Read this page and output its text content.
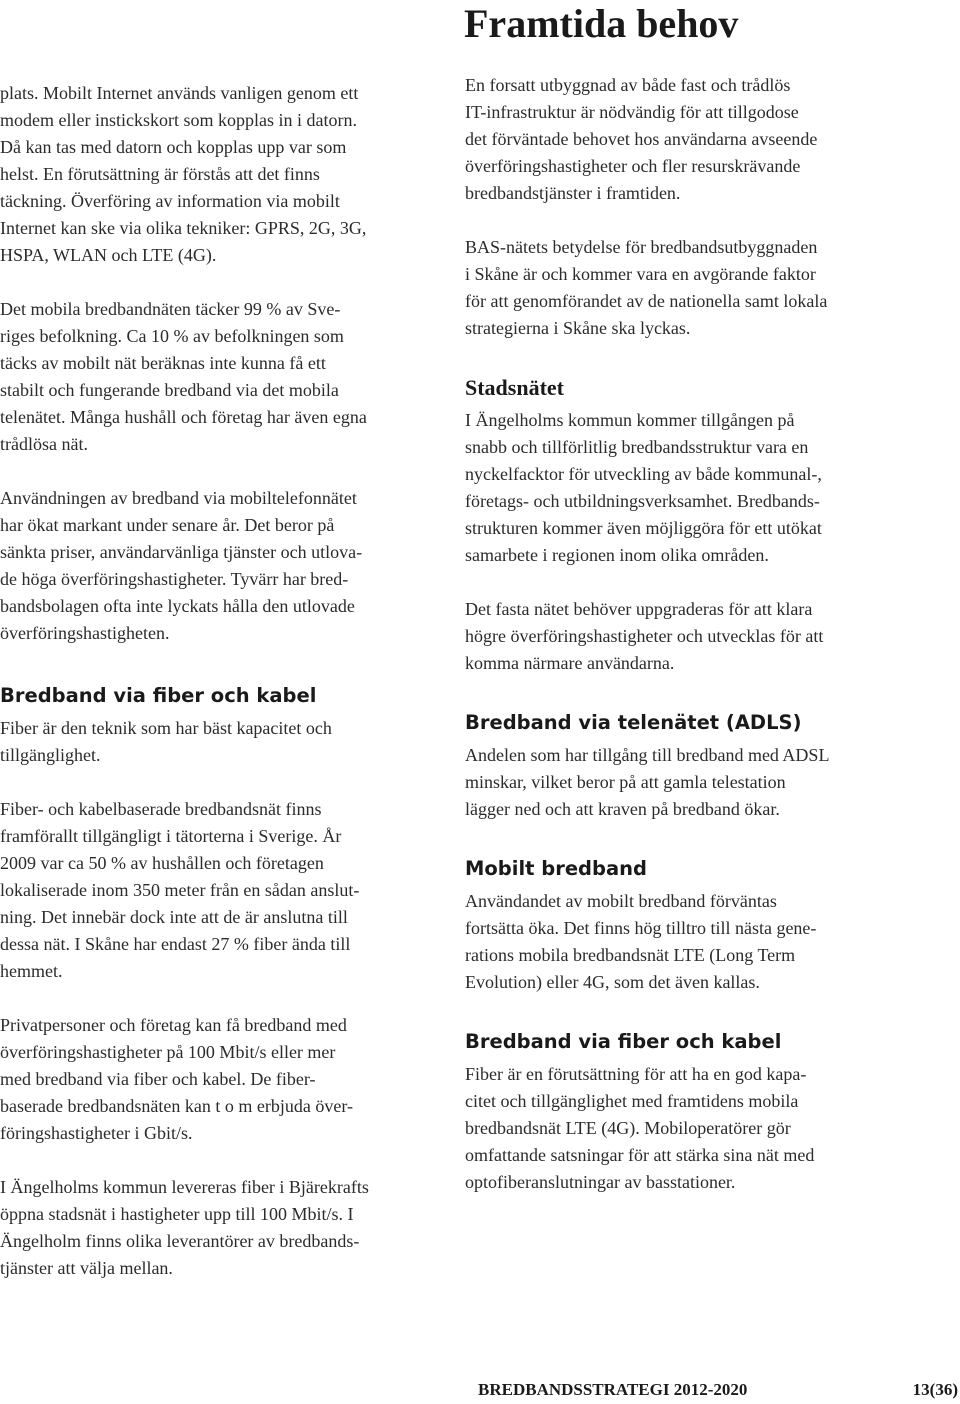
Framtida behov

plats. Mobilt Internet används vanligen genom ett
modem eller instickskort som kopplas in i datorn.
Då kan tas med datorn och kopplas upp var som
helst. En förutsättning är förstås att det finns
täckning. Överföring av information via mobilt
Internet kan ske via olika tekniker: GPRS, 2G, 3G,
HSPA, WLAN och LTE (4G).

Det mobila bredbandnäten täcker 99 % av Sve-
riges befolkning. Ca 10 % av befolkningen som
täcks av mobilt nät beräknas inte kunna få ett
stabilt och fungerande bredband via det mobila
telenätet. Många hushåll och företag har även egna
trådlösa nät.

Användningen av bredband via mobiltelefonnätet
har ökat markant under senare år. Det beror på
sänkta priser, användarvänliga tjänster och utlova-
de höga överföringshastigheter. Tyvärr har bred-
bandsbolagen ofta inte lyckats hålla den utlovade
överföringshastigheten.

Bredband via fiber och kabel

Fiber är den teknik som har bäst kapacitet och
tillgänglighet.

Fiber- och kabelbaserade bredbandsnät finns
framförallt tillgängligt i tätorterna i Sverige. År
2009 var ca 50 % av hushållen och företagen
lokaliserade inom 350 meter från en sådan anslut-
ning. Det innebär dock inte att de är anslutna till
dessa nät. I Skåne har endast 27 % fiber ända till
hemmet.

Privatpersoner och företag kan få bredband med
överföringshastigheter på 100 Mbit/s eller mer
med bredband via fiber och kabel. De fiber-
baserade bredbandsnäten kan t o m erbjuda över-
föringshastigheter i Gbit/s.

I Ängelholms kommun levereras fiber i Bjärekrafts
öppna stadsnät i hastigheter upp till 100 Mbit/s. I
Ängelholm finns olika leverantörer av bredbands-
tjänster att välja mellan.

En forsatt utbyggnad av både fast och trådlös
IT-infrastruktur är nödvändig för att tillgodose
det förväntade behovet hos användarna avseende
överföringshastigheter och fler resurskrävande
bredbandstjänster i framtiden.

BAS-nätets betydelse för bredbandsutbyggnaden
i Skåne är och kommer vara en avgörande faktor
för att genomförandet av de nationella samt lokala
strategierna i Skåne ska lyckas.

Stadsnätet

I Ängelholms kommun kommer tillgången på
snabb och tillförlitlig bredbandsstruktur vara en
nyckelfacktor för utveckling av både kommunal-,
företags- och utbildningsverksamhet. Bredbands-
strukturen kommer även möjliggöra för ett utökat
samarbete i regionen inom olika områden.

Det fasta nätet behöver uppgraderas för att klara
högre överföringshastigheter och utvecklas för att
komma närmare användarna.

Bredband via telenätet (ADLS)

Andelen som har tillgång till bredband med ADSL
minskar, vilket beror på att gamla telestation
lägger ned och att kraven på bredband ökar.

Mobilt bredband

Användandet av mobilt bredband förväntas
fortsätta öka. Det finns hög tilltro till nästa gene-
rations mobila bredbandsnät LTE (Long Term
Evolution) eller 4G, som det även kallas.

Bredband via fiber och kabel

Fiber är en förutsättning för att ha en god kapa-
citet och tillgänglighet med framtidens mobila
bredbandsnät LTE (4G). Mobiloperatörer gör
omfattande satsningar för att stärka sina nät med
optofiberanslutningar av basstationer.

BREDBANDSSTRATEGI 2012-2020	13(36)
